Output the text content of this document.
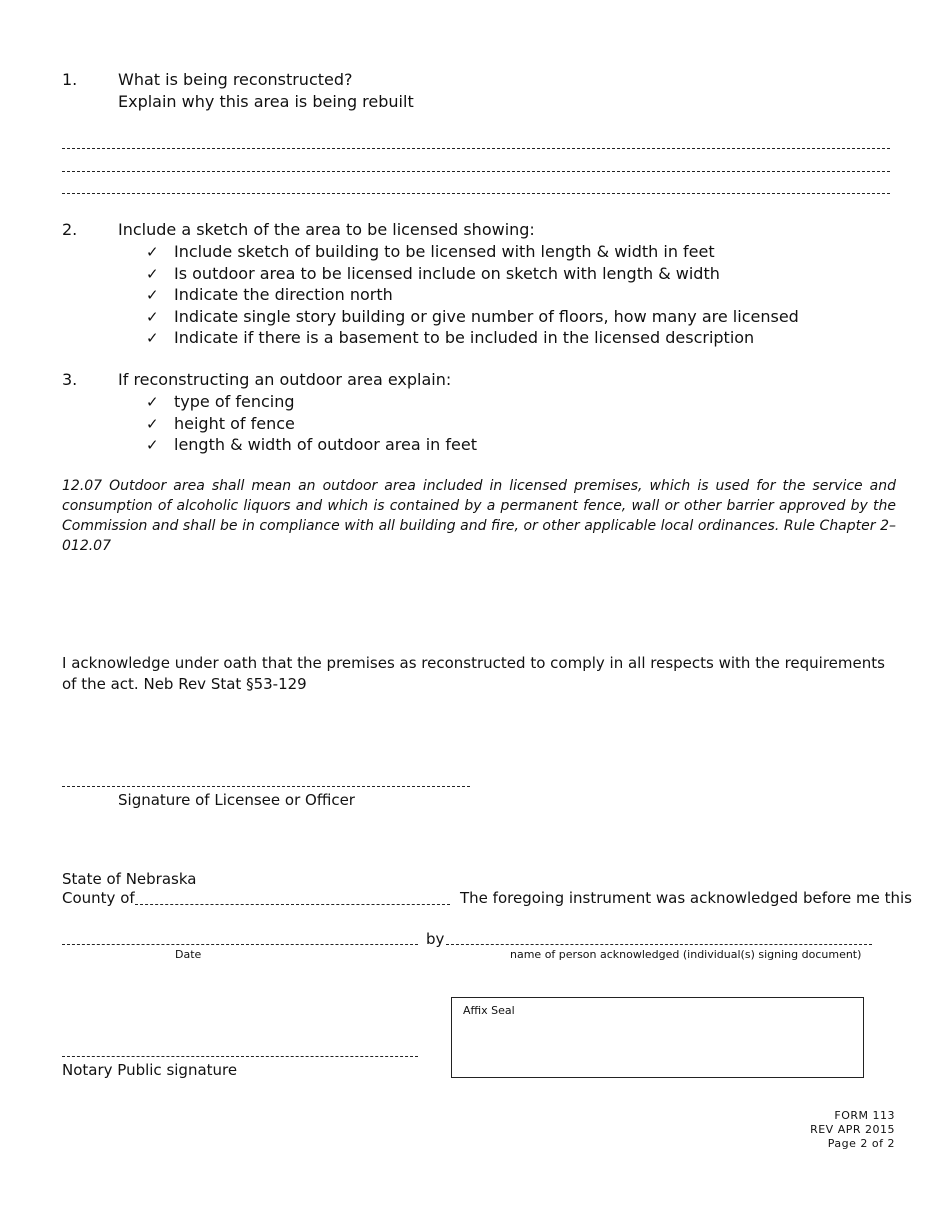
1.	What is being reconstructed?
Explain why this area is being rebuilt
2.	Include a sketch of the area to be licensed showing:
✓ Include sketch of building to be licensed with length & width in feet
✓ Is outdoor area to be licensed include on sketch with length & width
✓ Indicate the direction north
✓ Indicate single story building or give number of floors, how many are licensed
✓ Indicate if there is a basement to be included in the licensed description
3.	If reconstructing an outdoor area explain:
✓ type of fencing
✓ height of fence
✓ length & width of outdoor area in feet
12.07 Outdoor area shall mean an outdoor area included in licensed premises, which is used for the service and consumption of alcoholic liquors and which is contained by a permanent fence, wall or other barrier approved by the Commission and shall be in compliance with all building and fire, or other applicable local ordinances. Rule Chapter 2–012.07
I acknowledge under oath that the premises as reconstructed to comply in all respects with the requirements of the act. Neb Rev Stat §53-129
Signature of Licensee or Officer
State of Nebraska
County of	The foregoing instrument was acknowledged before me this
by
Date	name of person acknowledged (individual(s) signing document)
Affix Seal
Notary Public signature
FORM 113
REV APR 2015
Page 2 of 2
